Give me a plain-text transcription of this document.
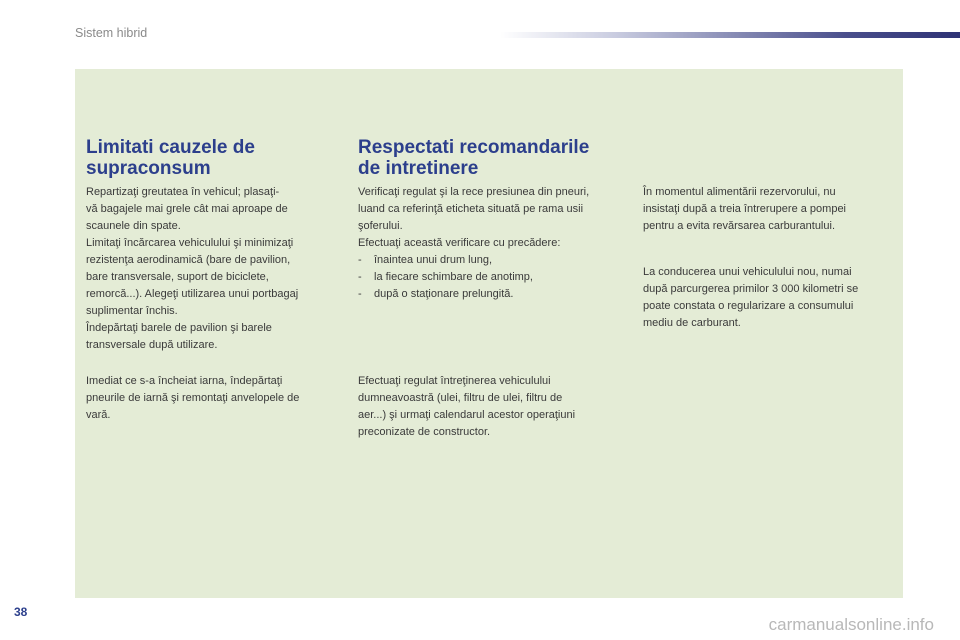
Sistem hibrid
Limitati cauzele de
supraconsum

Repartizaţi greutatea în vehicul; plasaţi-
vă bagajele mai grele cât mai aproape de
scaunele din spate.
Limitaţi încărcarea vehiculului şi minimizaţi
rezistenţa aerodinamică (bare de pavilion,
bare transversale, suport de biciclete,
remorcă...). Alegeţi utilizarea unui portbagaj
suplimentar închis.
Îndepărtaţi barele de pavilion şi barele
transversale după utilizare.

Imediat ce s-a încheiat iarna, îndepărtaţi
pneurile de iarnă şi remontaţi anvelopele de
vară.

Respectati recomandarile
de intretinere

Verificaţi regulat şi la rece presiunea din pneuri,
luand ca referinţă eticheta situată pe rama usii
şoferului.
Efectuaţi această verificare cu precădere:

-	înaintea unui drum lung,
-	la fiecare schimbare de anotimp,
-	după o staţionare prelungită.

Efectuaţi regulat întreţinerea vehiculului
dumneavoastră (ulei, filtru de ulei, filtru de
aer...) şi urmaţi calendarul acestor operaţiuni
preconizate de constructor.

În momentul alimentării rezervorului, nu
insistaţi după a treia întrerupere a pompei
pentru a evita revărsarea carburantului.

La conducerea unui vehiculului nou, numai
după parcurgerea primilor 3 000 kilometri se
poate constata o regularizare a consumului
mediu de carburant.

38
carmanualsonline.info
